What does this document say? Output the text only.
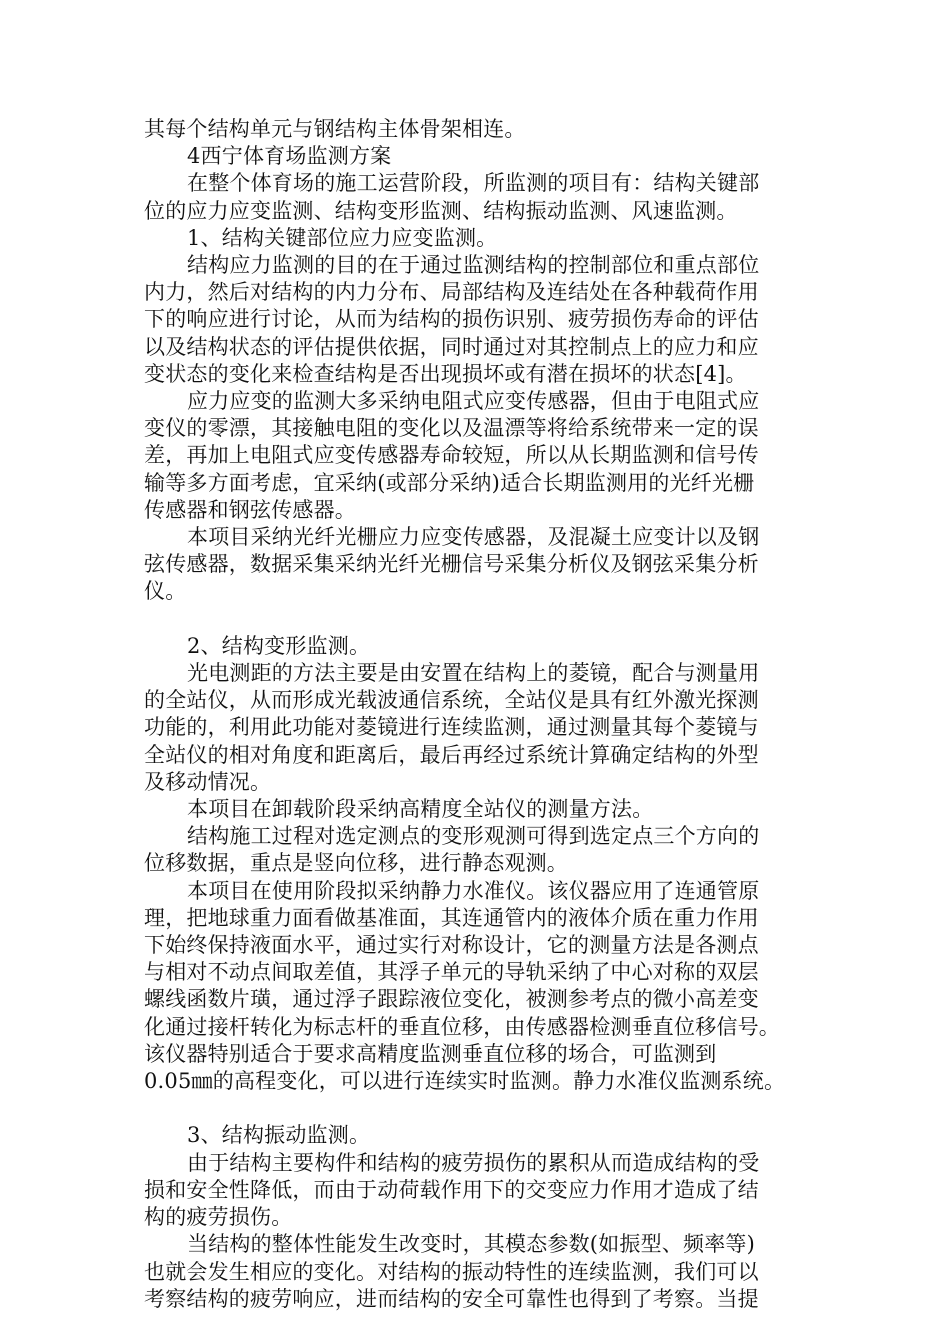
其每个结构单元与钢结构主体骨架相连。

4西宁体育场监测方案

在整个体育场的施工运营阶段，所监测的项目有：结构关键部

位的应力应变监测、结构变形监测、结构振动监测、风速监测。

1、结构关键部位应力应变监测。

结构应力监测的目的在于通过监测结构的控制部位和重点部位

内力，然后对结构的内力分布、局部结构及连结处在各种载荷作用

下的响应进行讨论，从而为结构的损伤识别、疲劳损伤寿命的评估

以及结构状态的评估提供依据，同时通过对其控制点上的应力和应

变状态的变化来检查结构是否出现损坏或有潜在损坏的状态[4]。

应力应变的监测大多采纳电阻式应变传感器，但由于电阻式应

变仪的零漂，其接触电阻的变化以及温漂等将给系统带来一定的误

差，再加上电阻式应变传感器寿命较短，所以从长期监测和信号传

输等多方面考虑，宜采纳(或部分采纳)适合长期监测用的光纤光栅

传感器和钢弦传感器。

本项目采纳光纤光栅应力应变传感器，及混凝土应变计以及钢

弦传感器，数据采集采纳光纤光栅信号采集分析仪及钢弦采集分析

仪。

2、结构变形监测。

光电测距的方法主要是由安置在结构上的菱镜，配合与测量用

的全站仪，从而形成光载波通信系统，全站仪是具有红外激光探测

功能的，利用此功能对菱镜进行连续监测，通过测量其每个菱镜与

全站仪的相对角度和距离后，最后再经过系统计算确定结构的外型

及移动情况。

本项目在卸载阶段采纳高精度全站仪的测量方法。

结构施工过程对选定测点的变形观测可得到选定点三个方向的

位移数据，重点是竖向位移，进行静态观测。

本项目在使用阶段拟采纳静力水准仪。该仪器应用了连通管原

理，把地球重力面看做基准面，其连通管内的液体介质在重力作用

下始终保持液面水平，通过实行对称设计，它的测量方法是各测点

与相对不动点间取差值，其浮子单元的导轨采纳了中心对称的双层

螺线函数片璜，通过浮子跟踪液位变化，被测参考点的微小高差变

化通过接杆转化为标志杆的垂直位移，由传感器检测垂直位移信号。

该仪器特别适合于要求高精度监测垂直位移的场合，可监测到

0.05㎜的高程变化，可以进行连续实时监测。静力水准仪监测系统。

3、结构振动监测。

由于结构主要构件和结构的疲劳损伤的累积从而造成结构的受

损和安全性降低，而由于动荷载作用下的交变应力作用才造成了结

构的疲劳损伤。

当结构的整体性能发生改变时，其模态参数(如振型、频率等)

也就会发生相应的变化。对结构的振动特性的连续监测，我们可以

考察结构的疲劳响应，进而结构的安全可靠性也得到了考察。当提
